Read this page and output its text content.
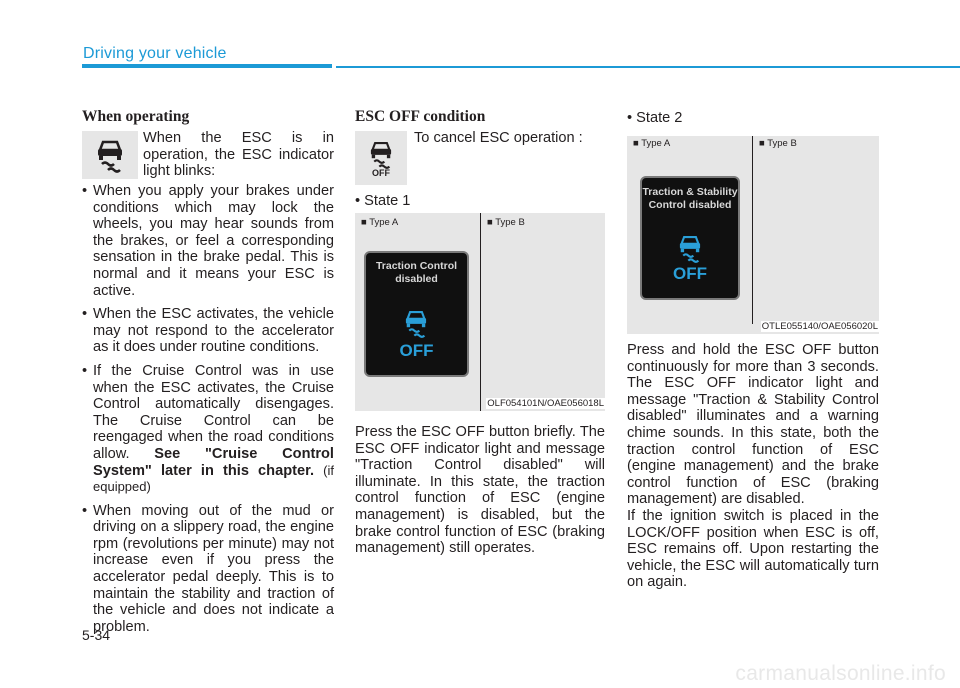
Driving your vehicle
When operating
When the ESC is in operation, the ESC indicator light blinks:
• When you apply your brakes under conditions which may lock the wheels, you may hear sounds from the brakes, or feel a corresponding sensation in the brake pedal. This is normal and it means your ESC is active.
• When the ESC activates, the vehicle may not respond to the accelerator as it does under routine conditions.
• If the Cruise Control was in use when the ESC activates, the Cruise Control automatically disengages. The Cruise Control can be reengaged when the road conditions allow. See "Cruise Control System" later in this chapter. (if equipped)
• When moving out of the mud or driving on a slippery road, the engine rpm (revolutions per minute) may not increase even if you press the accelerator pedal deeply. This is to maintain the stability and traction of the vehicle and does not indicate a problem.
ESC OFF condition
OFF
To cancel ESC operation :
• State 1
■ Type A	■ Type B
Traction Control disabled
OFF
OLF054101N/OAE056018L
Press the ESC OFF button briefly. The ESC OFF indicator light and message "Traction Control disabled" will illuminate. In this state, the traction control function of ESC (engine management) is disabled, but the brake control function of ESC (braking management) still operates.
• State 2
■ Type A	■ Type B
Traction & Stability Control disabled
OFF
OTLE055140/OAE056020L
Press and hold the ESC OFF button continuously for more than 3 seconds. The ESC OFF indicator light and message "Traction & Stability Control disabled" illuminates and a warning chime sounds. In this state, both the traction control function of ESC (engine management) and the brake control function of ESC (braking management) are disabled.
If the ignition switch is placed in the LOCK/OFF position when ESC is off, ESC remains off. Upon restarting the vehicle, the ESC will automatically turn on again.
5-34
carmanualsonline.info
